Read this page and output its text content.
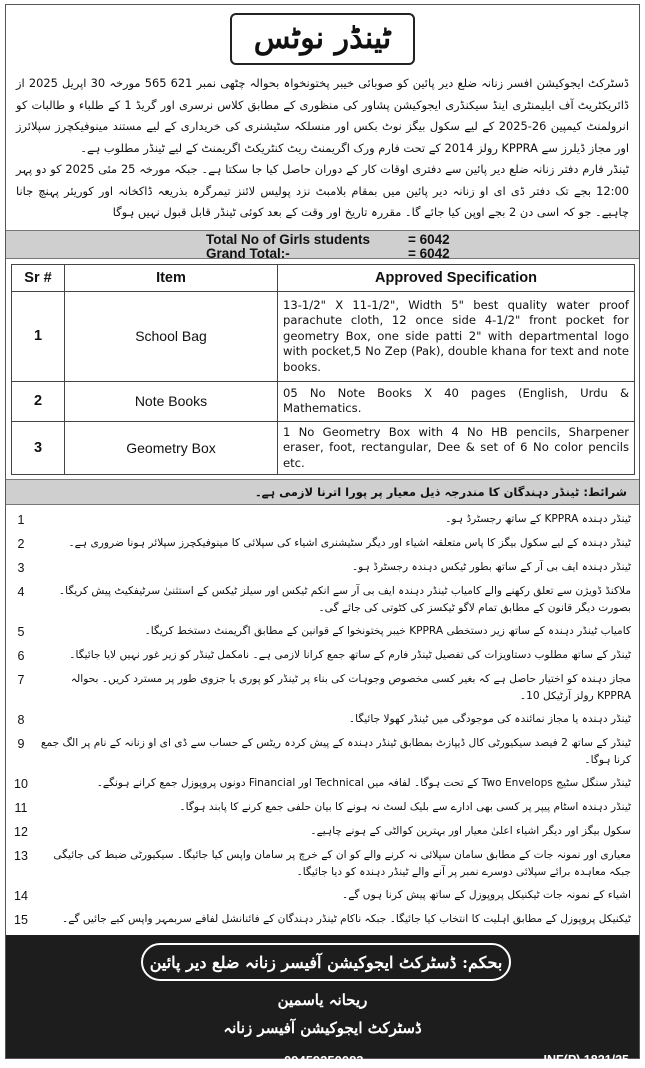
ٹینڈر نوٹس

ڈسٹرکٹ ایجوکیشن افسر زنانہ ضلع دیر پائین کو صوبائی خیبر پختونخواہ بحوالہ چٹھی نمبر 621 565 مورخہ 30 اپریل 2025 از ڈائریکٹریٹ آف ایلیمنٹری اینڈ سیکنڈری ایجوکیشن پشاور کی منظوری کے مطابق کلاس نرسری اور گریڈ 1 کے طلباء و طالبات کو انرولمنٹ کیمپین 26-2025 کے لیے سکول بیگز نوٹ بکس اور منسلکہ سٹیشنری کی خریداری کے لیے مستند مینوفیکچرز سپلائرز اور مجاز ڈیلرز سے KPPRA رولز 2014 کے تحت فارم ورک اگریمنٹ ریٹ کنٹریکٹ اگریمنٹ کے لیے ٹینڈر مطلوب ہے۔

ٹینڈر فارم دفتر زنانہ ضلع دیر پائین سے دفتری اوقات کار کے دوران حاصل کیا جا سکتا ہے۔ جبکہ مورخہ 25 مئی 2025 کو دو پہر 12:00 بجے تک دفتر ڈی ای او زنانہ دیر پائین میں بمقام بلامبٹ نزد پولیس لائنز تیمرگرہ بذریعہ ڈاکخانہ اور کوریئر پہنچ جانا چاہیے۔ جو کہ اسی دن 2 بجے اوپن کیا جائے گا۔ مقررہ تاریخ اور وقت کے بعد کوئی ٹینڈر قابل قبول نہیں ہوگا

Total No of Girls students	= 6042
Grand Total:-	= 6042
Sr #	Item	Approved Specification
1	School Bag	13-1/2" X 11-1/2", Width 5" best quality water proof parachute cloth, 12 once side 4-1/2" front pocket for geometry Box, one side patti 2" with departmental logo with pocket,5 No Zep (Pak), double khana for text and note books.
2	Note Books	05 No Note Books X 40 pages (English, Urdu & Mathematics.
3	Geometry Box	1 No Geometry Box with 4 No HB pencils, Sharpener eraser, foot, rectangular, Dee & set of 6 No color pencils etc.
شرائط: ٹینڈر دہندگان کا مندرجہ ذیل معیار پر پورا اترنا لازمی ہے۔
1	ٹینڈر دہندہ KPPRA کے ساتھ رجسٹرڈ ہو۔
2	ٹینڈر دہندہ کے لیے سکول بیگز کا پاس متعلقہ اشیاء اور دیگر سٹیشنری اشیاء کی سپلائی کا مینوفیکچرز سپلائر ہونا ضروری ہے۔
3	ٹینڈر دہندہ ایف بی آر کے ساتھ بطور ٹیکس دہندہ رجسٹرڈ ہو۔
4	ملاکنڈ ڈویژن سے تعلق رکھنے والے کامیاب ٹینڈر دہندہ ایف بی آر سے انکم ٹیکس اور سیلز ٹیکس کے استثنیٰ سرٹیفکیٹ پیش کریگا۔ بصورت دیگر قانون کے مطابق تمام لاگو ٹیکسز کی کٹوتی کی جائے گی۔
5	کامیاب ٹینڈر دہندہ کے ساتھ زیر دستخطی KPPRA خیبر پختونخوا کے قوانین کے مطابق اگریمنٹ دستخط کریگا۔
6	ٹینڈر کے ساتھ مطلوب دستاویزات کی تفصیل ٹینڈر فارم کے ساتھ جمع کرانا لازمی ہے۔ نامکمل ٹینڈر کو زیر غور نہیں لایا جائیگا۔
7	مجاز دہندہ کو اختیار حاصل ہے کہ بغیر کسی مخصوص وجوہات کی بناء پر ٹینڈر کو پوری یا جزوی طور پر مسترد کریں۔ بحوالہ KPPRA رولز آرٹیکل 10۔
8	ٹینڈر دہندہ یا مجاز نمائندہ کی موجودگی میں ٹینڈر کھولا جائیگا۔
9	ٹینڈر کے ساتھ 2 فیصد سیکیورٹی کال ڈیپازٹ بمطابق ٹینڈر دہندہ کے پیش کردہ ریٹس کے حساب سے ڈی ای او زنانہ کے نام پر الگ جمع کرنا ہوگا۔
10	ٹینڈر سنگل سٹیج Two Envelops کے تحت ہوگا۔ لفافہ میں Technical اور Financial دونوں پروپوزل جمع کرانے ہونگے۔
11	ٹینڈر دہندہ اسٹام پیپر پر کسی بھی ادارے سے بلیک لسٹ نہ ہونے کا بیان حلفی جمع کرنے کا پابند ہوگا۔
12	سکول بیگز اور دیگر اشیاء اعلیٰ معیار اور بہترین کوالٹی کے ہونے چاہیے۔
13	معیاری اور نمونہ جات کے مطابق سامان سپلائی نہ کرنے والے کو ان کے خرچ پر سامان واپس کیا جائیگا۔ سیکیورٹی ضبط کی جائیگی جبکہ معاہدہ برائے سپلائی دوسرے نمبر پر آنے والے ٹینڈر دہندہ کو دیا جائیگا۔
14	اشیاء کے نمونہ جات ٹیکنیکل پروپوزل کے ساتھ پیش کرنا ہوں گے۔
15	ٹیکنیکل پروپوزل کے مطابق اہلیت کا انتخاب کیا جائیگا۔ جبکہ ناکام ٹینڈر دہندگان کے فائنانشل لفافے سربمہر واپس کیے جائیں گے۔
بحکم: ڈسٹرکٹ ایجوکیشن آفیسر زنانہ ضلع دیر پائین
ریحانہ یاسمین
ڈسٹرکٹ ایجوکیشن آفیسر زنانہ
09459250083	INF(P) 1821/25
